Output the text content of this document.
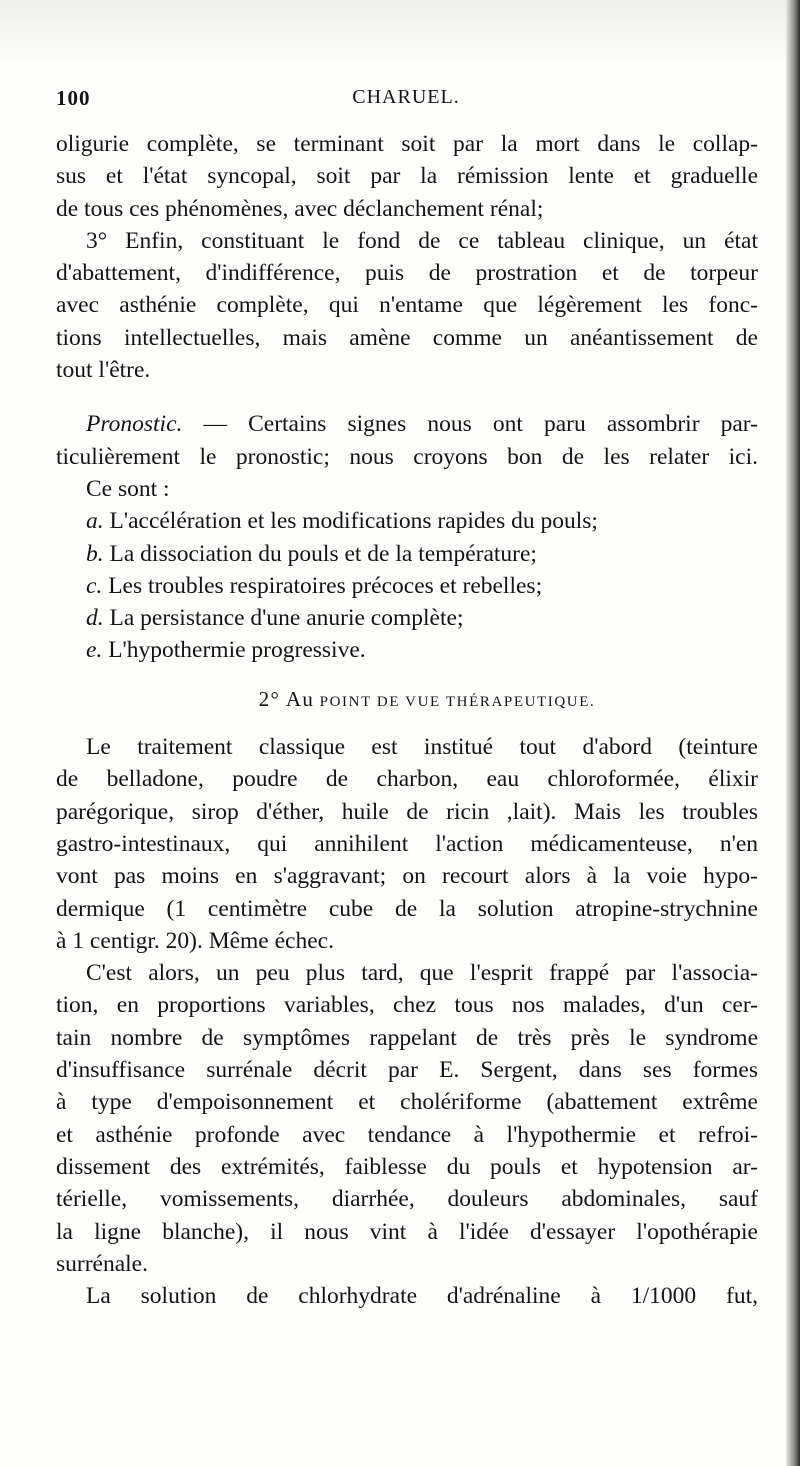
100	CHARUEL.
oligurie complète, se terminant soit par la mort dans le collap-
sus et l'état syncopal, soit par la rémission lente et graduelle
de tous ces phénomènes, avec déclanchement rénal;
3° Enfin, constituant le fond de ce tableau clinique, un état
d'abattement, d'indifférence, puis de prostration et de torpeur
avec asthénie complète, qui n'entame que légèrement les fonc-
tions intellectuelles, mais amène comme un anéantissement de
tout l'être.
Pronostic. — Certains signes nous ont paru assombrir par-
ticulièrement le pronostic; nous croyons bon de les relater ici.
Ce sont :
a. L'accélération et les modifications rapides du pouls;
b. La dissociation du pouls et de la température;
c. Les troubles respiratoires précoces et rebelles;
d. La persistance d'une anurie complète;
e. L'hypothermie progressive.
2° Au POINT DE VUE THÉRAPEUTIQUE.
Le traitement classique est institué tout d'abord (teinture
de belladone, poudre de charbon, eau chloroformée, élixir
parégorique, sirop d'éther, huile de ricin ,lait). Mais les troubles
gastro-intestinaux, qui annihilent l'action médicamenteuse, n'en
vont pas moins en s'aggravant; on recourt alors à la voie hypo-
dermique (1 centimètre cube de la solution atropine-strychnine
à 1 centigr. 20). Même échec.
C'est alors, un peu plus tard, que l'esprit frappé par l'associa-
tion, en proportions variables, chez tous nos malades, d'un cer-
tain nombre de symptômes rappelant de très près le syndrome
d'insuffisance surrénale décrit par E. Sergent, dans ses formes
à type d'empoisonnement et cholériforme (abattement extrême
et asthénie profonde avec tendance à l'hypothermie et refroi-
dissement des extrémités, faiblesse du pouls et hypotension ar-
térielle, vomissements, diarrhée, douleurs abdominales, sauf
la ligne blanche), il nous vint à l'idée d'essayer l'opothérapie
surrénale.
La solution de chlorhydrate d'adrénaline à 1/1000 fut,
